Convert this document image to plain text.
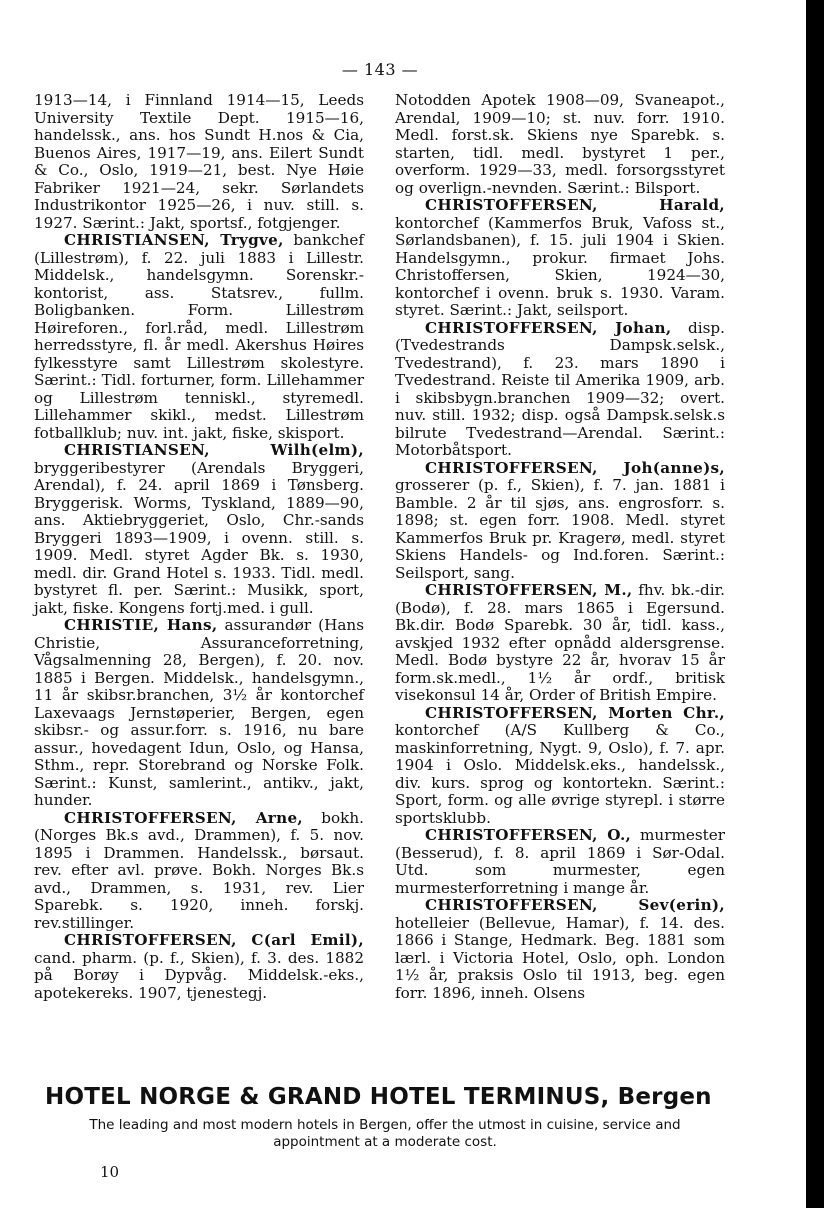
— 143 —

1913—14, i Finnland 1914—15, Leeds University Textile Dept. 1915—16, handelssk., ans. hos Sundt H.nos & Cia, Buenos Aires, 1917—19, ans. Eilert Sundt & Co., Oslo, 1919—21, best. Nye Høie Fabriker 1921—24, sekr. Sørlandets Industrikontor 1925—26, i nuv. still. s. 1927. Særint.: Jakt, sportsf., fotgjenger.

CHRISTIANSEN, Trygve, bankchef (Lillestrøm), f. 22. juli 1883 i Lillestr. Middelsk., handelsgymn. Sorenskr.-kontorist, ass. Statsrev., fullm. Boligbanken. Form. Lillestrøm Høireforen., forl.råd, medl. Lillestrøm herredsstyre, fl. år medl. Akershus Høires fylkesstyre samt Lillestrøm skolestyre. Særint.: Tidl. forturner, form. Lillehammer og Lillestrøm tenniskl., styremedl. Lillehammer skikl., medst. Lillestrøm fotballklub; nuv. int. jakt, fiske, skisport.

CHRISTIANSEN, Wilh(elm), bryggeribestyrer (Arendals Bryggeri, Arendal), f. 24. april 1869 i Tønsberg. Bryggerisk. Worms, Tyskland, 1889—90, ans. Aktiebryggeriet, Oslo, Chr.-sands Bryggeri 1893—1909, i ovenn. still. s. 1909. Medl. styret Agder Bk. s. 1930, medl. dir. Grand Hotel s. 1933. Tidl. medl. bystyret fl. per. Særint.: Musikk, sport, jakt, fiske. Kongens fortj.med. i gull.

CHRISTIE, Hans, assurandør (Hans Christie, Assuranceforretning, Vågsalmenning 28, Bergen), f. 20. nov. 1885 i Bergen. Middelsk., handelsgymn., 11 år skibsr.branchen, 3½ år kontorchef Laxevaags Jernstøperier, Bergen, egen skibsr.- og assur.forr. s. 1916, nu bare assur., hovedagent Idun, Oslo, og Hansa, Sthm., repr. Storebrand og Norske Folk. Særint.: Kunst, samlerint., antikv., jakt, hunder.

CHRISTOFFERSEN, Arne, bokh. (Norges Bk.s avd., Drammen), f. 5. nov. 1895 i Drammen. Handelssk., børsaut. rev. efter avl. prøve. Bokh. Norges Bk.s avd., Drammen, s. 1931, rev. Lier Sparebk. s. 1920, inneh. forskj. rev.stillinger.

CHRISTOFFERSEN, C(arl Emil), cand. pharm. (p. f., Skien), f. 3. des. 1882 på Borøy i Dypvåg. Middelsk.-eks., apotekereks. 1907, tjenestegj.

Notodden Apotek 1908—09, Svaneapot., Arendal, 1909—10; st. nuv. forr. 1910. Medl. forst.sk. Skiens nye Sparebk. s. starten, tidl. medl. bystyret 1 per., overform. 1929—33, medl. forsorgsstyret og overlign.-nevnden. Særint.: Bilsport.

CHRISTOFFERSEN, Harald, kontorchef (Kammerfos Bruk, Vafoss st., Sørlandsbanen), f. 15. juli 1904 i Skien. Handelsgymn., prokur. firmaet Johs. Christoffersen, Skien, 1924—30, kontorchef i ovenn. bruk s. 1930. Varam. styret. Særint.: Jakt, seilsport.

CHRISTOFFERSEN, Johan, disp. (Tvedestrands Dampsk.selsk., Tvedestrand), f. 23. mars 1890 i Tvedestrand. Reiste til Amerika 1909, arb. i skibsbygn.branchen 1909—32; overt. nuv. still. 1932; disp. også Dampsk.selsk.s bilrute Tvedestrand—Arendal. Særint.: Motorbåtsport.

CHRISTOFFERSEN, Joh(anne)s, grosserer (p. f., Skien), f. 7. jan. 1881 i Bamble. 2 år til sjøs, ans. engrosforr. s. 1898; st. egen forr. 1908. Medl. styret Kammerfos Bruk pr. Kragerø, medl. styret Skiens Handels- og Ind.foren. Særint.: Seilsport, sang.

CHRISTOFFERSEN, M., fhv. bk.-dir. (Bodø), f. 28. mars 1865 i Egersund. Bk.dir. Bodø Sparebk. 30 år, tidl. kass., avskjed 1932 efter opnådd aldersgrense. Medl. Bodø bystyre 22 år, hvorav 15 år form.sk.medl., 1½ år ordf., britisk visekonsul 14 år, Order of British Empire.

CHRISTOFFERSEN, Morten Chr., kontorchef (A/S Kullberg & Co., maskinforretning, Nygt. 9, Oslo), f. 7. apr. 1904 i Oslo. Middelsk.eks., handelssk., div. kurs. sprog og kontortekn. Særint.: Sport, form. og alle øvrige styrepl. i større sportsklubb.

CHRISTOFFERSEN, O., murmester (Besserud), f. 8. april 1869 i Sør-Odal. Utd. som murmester, egen murmesterforretning i mange år.

CHRISTOFFERSEN, Sev(erin), hotelleier (Bellevue, Hamar), f. 14. des. 1866 i Stange, Hedmark. Beg. 1881 som lærl. i Victoria Hotel, Oslo, oph. London 1½ år, praksis Oslo til 1913, beg. egen forr. 1896, inneh. Olsens

HOTEL NORGE & GRAND HOTEL TERMINUS, Bergen
The leading and most modern hotels in Bergen, offer the utmost in cuisine, service and
appointment at a moderate cost.
10
